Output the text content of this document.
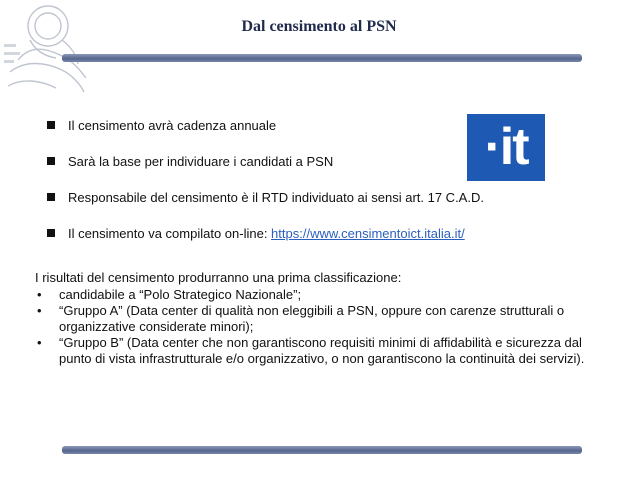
Dal censimento al PSN
Il censimento avrà cadenza annuale
Sarà la base per individuare i candidati a PSN
Responsabile del censimento è il RTD individuato ai sensi art. 17 C.A.D.
Il censimento va compilato on-line: https://www.censimentoict.italia.it/
·it

I risultati del censimento produrranno una prima classificazione:

• candidabile a “Polo Strategico Nazionale”;
• “Gruppo A” (Data center di qualità non eleggibili a PSN, oppure con carenze strutturali o organizzative considerate minori);
• “Gruppo B” (Data center che non garantiscono requisiti minimi di affidabilità e sicurezza dal punto di vista infrastrutturale e/o organizzativo, o non garantiscono la continuità dei servizi).
